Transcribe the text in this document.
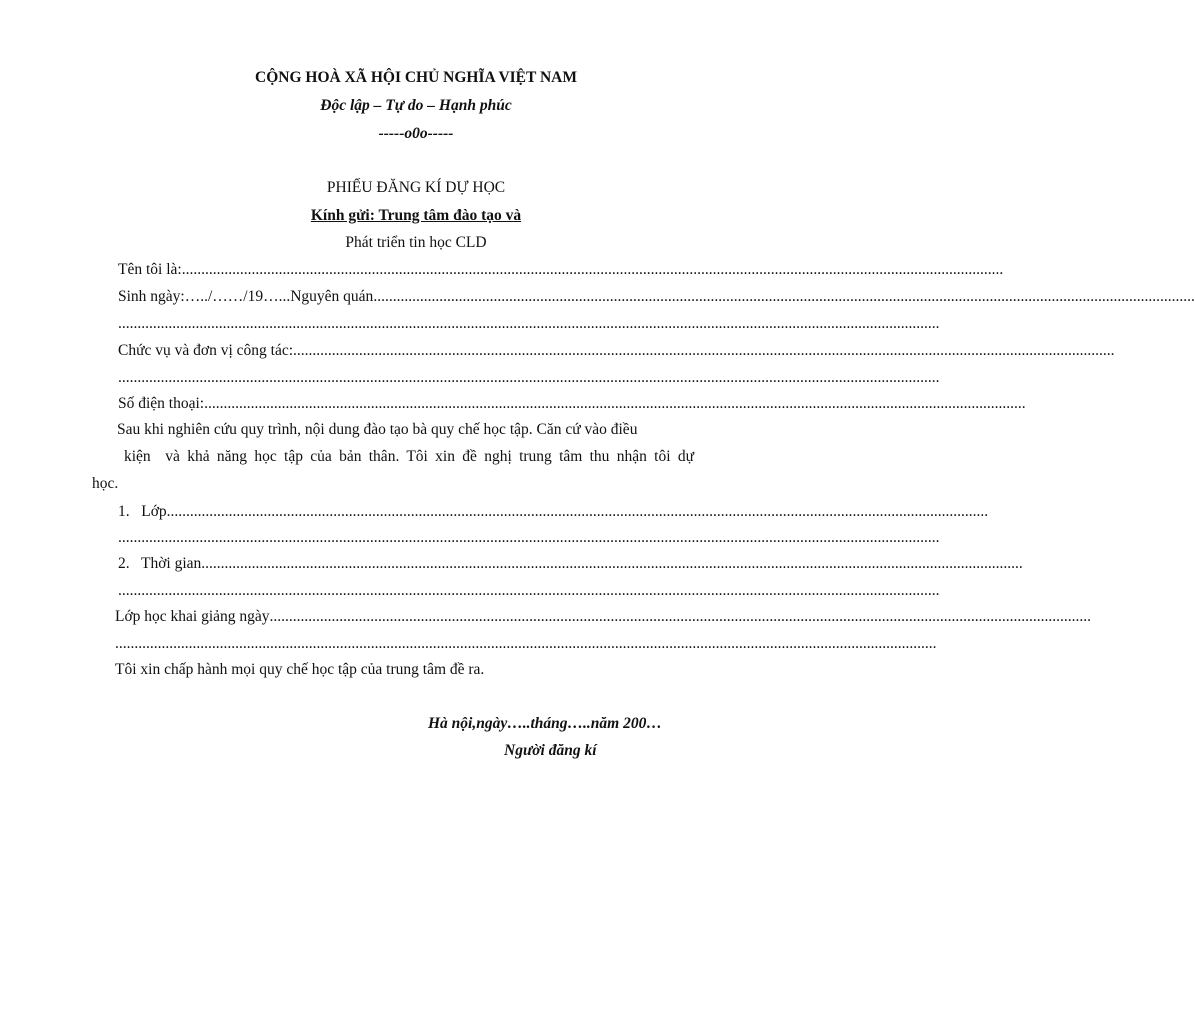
CỘNG HOÀ XÃ HỘI CHỦ NGHĨA VIỆT NAM
Độc lập – Tự do – Hạnh phúc
-----o0o-----
PHIẾU ĐĂNG KÍ DỰ HỌC
Kính gửi: Trung tâm đào tạo và
Phát triển tin học CLD
Tên tôi là: ....................................................................................................................................................................................................................
Sinh ngày:…../……/19…...Nguyên quán ....................................................................................................................................................................................................................
....................................................................................................................................................................................................................
Chức vụ và đơn vị công tác: ....................................................................................................................................................................................................................
....................................................................................................................................................................................................................
Số điện thoại: ....................................................................................................................................................................................................................
Sau khi nghiên cứu quy trình, nội dung đào tạo bà quy chế học tập. Căn cứ vào điều
kiện  và khả năng học tập của bản thân. Tôi xin đề nghị trung tâm thu nhận tôi dự
học.
1.   Lớp ....................................................................................................................................................................................................................
....................................................................................................................................................................................................................
2.   Thời gian ....................................................................................................................................................................................................................
....................................................................................................................................................................................................................
Lớp học khai giảng ngày ....................................................................................................................................................................................................................
....................................................................................................................................................................................................................
Tôi xin chấp hành mọi quy chế học tập của trung tâm đề ra.
Hà nội,ngày…..tháng…..năm 200…
Người đăng kí
